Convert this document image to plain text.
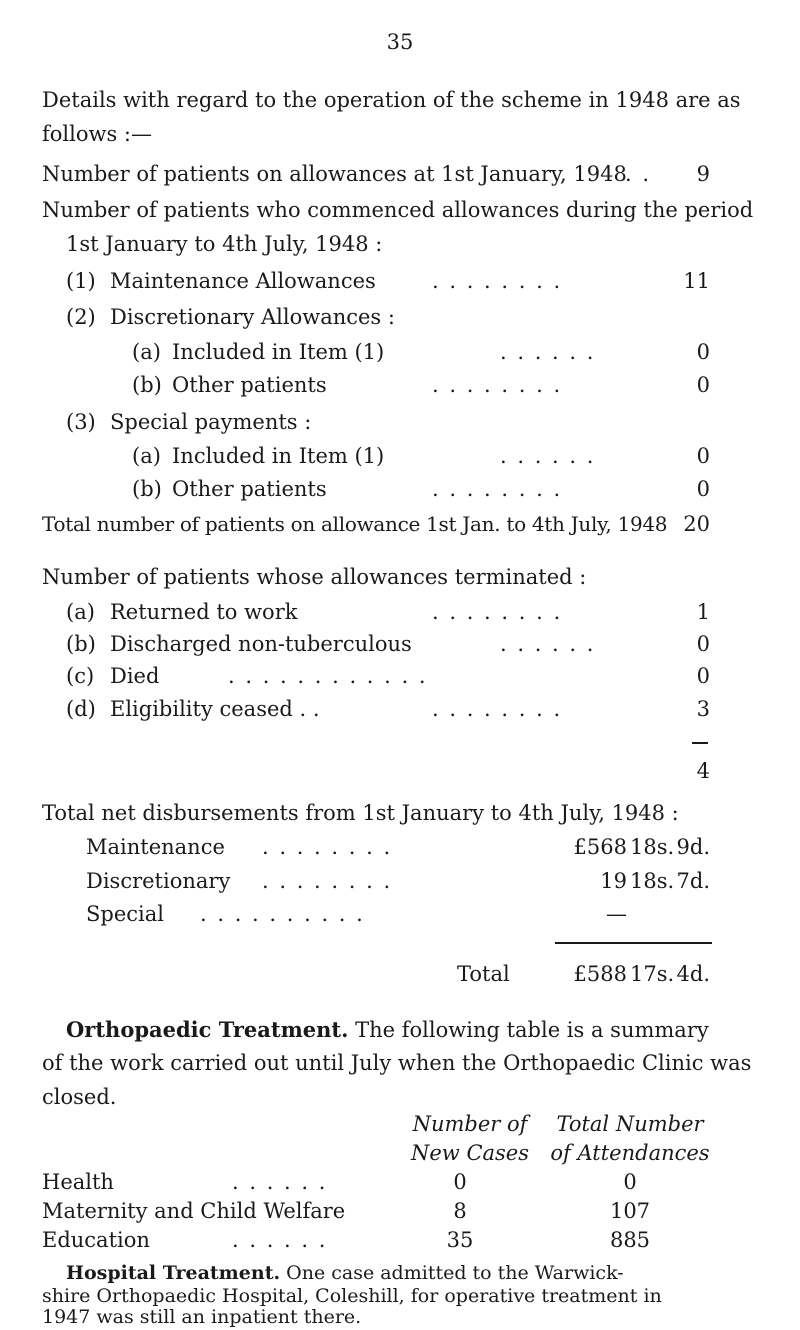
35
Details with regard to the operation of the scheme in 1948 are as
follows :—
Number of patients on allowances at 1st January, 1948
. .	9
Number of patients who commenced allowances during the period
1st January to 4th July, 1948 :
(1) Maintenance Allowances	. . . . . . . .	11
(2) Discretionary Allowances :
(a) Included in Item (1)	. . . . . .	0
(b) Other patients	. . . . . . . .	0
(3) Special payments :
(a) Included in Item (1)	. . . . . .	0
(b) Other patients	. . . . . . . .	0
Total number of patients on allowance 1st Jan. to 4th July, 1948 20
Number of patients whose allowances terminated :
(a) Returned to work	. . . . . . . .	1
(b) Discharged non-tuberculous	. . . . . .	0
(c) Died	. . . . . . . . . . . .	0
(d) Eligibility ceased . .	. . . . . . . .	3
4
Total net disbursements from 1st January to 4th July, 1948 :
Maintenance . . . . . . . .	£568 18s. 9d.
Discretionary . . . . . . . .	19 18s. 7d.
Special . . . . . . . . . .	—
Total	£588 17s. 4d.
Orthopaedic Treatment. The following table is a summary
of the work carried out until July when the Orthopaedic Clinic was
closed.
Number of
New Cases
Total Number
of Attendances
Health	. . . . . .	0	0
Maternity and Child Welfare	8	107
Education	. . . . . .	35	885
Hospital Treatment. One case admitted to the Warwick-
shire Orthopaedic Hospital, Coleshill, for operative treatment in
1947 was still an inpatient there.
